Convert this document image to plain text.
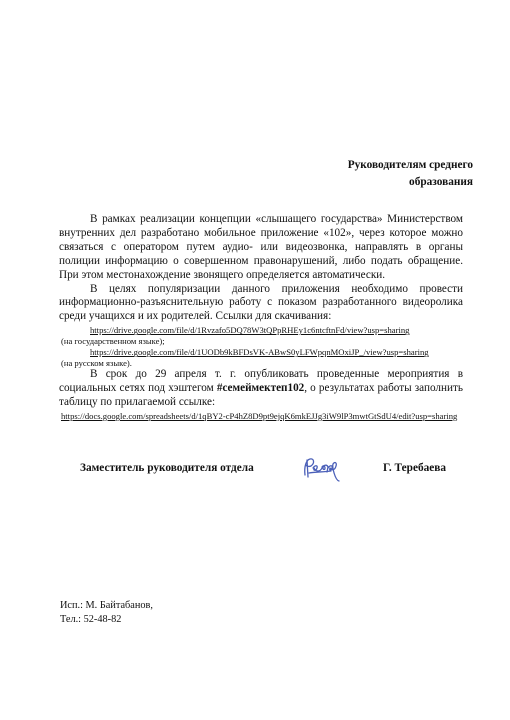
Руководителям среднего
образования

В рамках реализации концепции «слышащего государства» Министерством внутренних дел разработано мобильное приложение «102», через которое можно связаться с оператором путем аудио- или видеозвонка, направлять в органы полиции информацию о совершенном правонарушений, либо подать обращение. При этом местонахождение звонящего определяется автоматически.

В целях популяризации данного приложения необходимо провести информационно-разъяснительную работу с показом разработанного видеоролика среди учащихся и их родителей. Ссылки для скачивания:

https://drive.google.com/file/d/1Rvzafo5DQ78W3tQPpRHEy1c6ntcftnFd/view?usp=sharing
(на государственном языке);
https://drive.google.com/file/d/1UODb9kBFDsVK-ABwS0yLFWpqnMOxiJP_/view?usp=sharing
(на русском языке).

В срок до 29 апреля т. г. опубликовать проведенные мероприятия в социальных сетях под хэштегом #семеймектеп102, о результатах работы заполнить таблицу по прилагаемой ссылке:

https://docs.google.com/spreadsheets/d/1qBY2-cP4hZ8D9pt9ejqK6mkEJJg3iW9lP3mwtGtSdU4/edit?usp=sharing
Заместитель руководителя отдела	Г. Теребаева
Исп.: М. Байтабанов,
Тел.: 52-48-82
